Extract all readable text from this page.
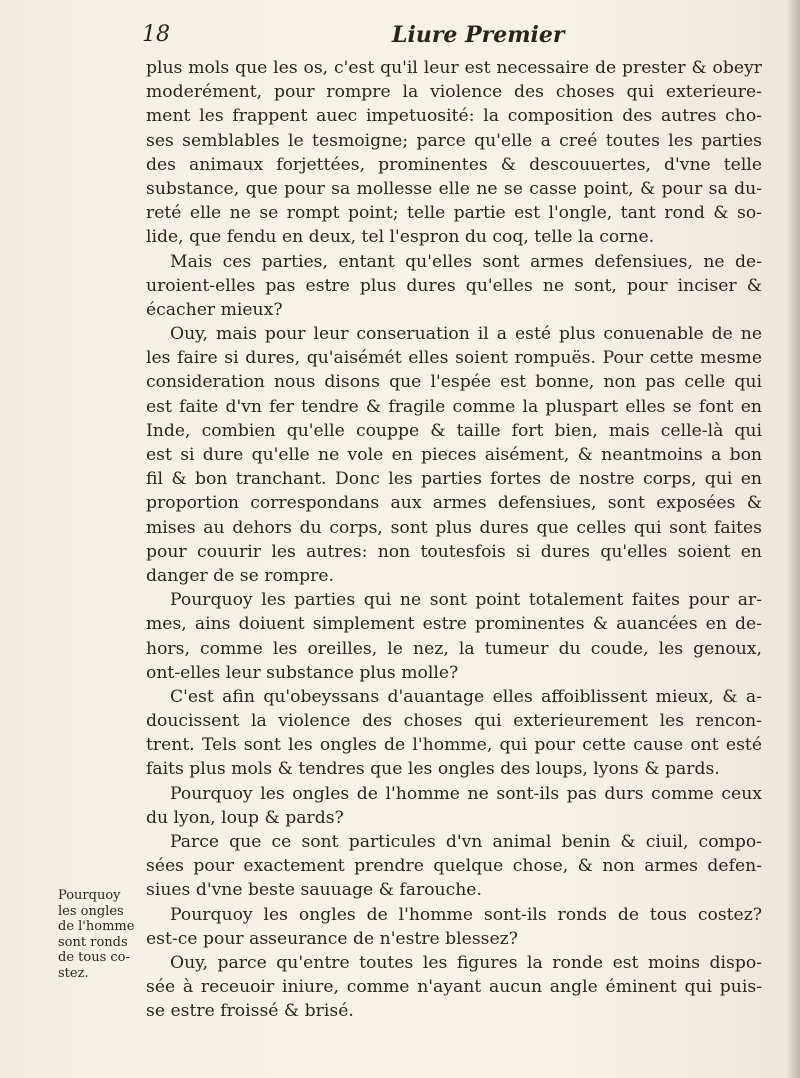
18	Liure Premier
plus mols que les os, c'est qu'il leur est necessaire de prester & obeyr
moderément, pour rompre la violence des choses qui exterieure-
ment les frappent auec impetuosité: la composition des autres cho-
ses semblables le tesmoigne; parce qu'elle a creé toutes les parties
des animaux forjettées, prominentes & descouuertes, d'vne telle
substance, que pour sa mollesse elle ne se casse point, & pour sa du-
reté elle ne se rompt point; telle partie est l'ongle, tant rond & so-
lide, que fendu en deux, tel l'espron du coq, telle la corne.
Mais ces parties, entant qu'elles sont armes defensiues, ne de-
uroient-elles pas estre plus dures qu'elles ne sont, pour inciser &
écacher mieux?
Ouy, mais pour leur conseruation il a esté plus conuenable de ne
les faire si dures, qu'aisémét elles soient rompuës. Pour cette mesme
consideration nous disons que l'espée est bonne, non pas celle qui
est faite d'vn fer tendre & fragile comme la pluspart elles se font en
Inde, combien qu'elle couppe & taille fort bien, mais celle-là qui
est si dure qu'elle ne vole en pieces aisément, & neantmoins a bon
fil & bon tranchant. Donc les parties fortes de nostre corps, qui en
proportion correspondans aux armes defensiues, sont exposées &
mises au dehors du corps, sont plus dures que celles qui sont faites
pour couurir les autres: non toutesfois si dures qu'elles soient en
danger de se rompre.
Pourquoy les parties qui ne sont point totalement faites pour ar-
mes, ains doiuent simplement estre prominentes & auancées en de-
hors, comme les oreilles, le nez, la tumeur du coude, les genoux,
ont-elles leur substance plus molle?
C'est afin qu'obeyssans d'auantage elles affoiblissent mieux, & a-
doucissent la violence des choses qui exterieurement les rencon-
trent. Tels sont les ongles de l'homme, qui pour cette cause ont esté
faits plus mols & tendres que les ongles des loups, lyons & pards.
Pourquoy les ongles de l'homme ne sont-ils pas durs comme ceux
du lyon, loup & pards?
Parce que ce sont particules d'vn animal benin & ciuil, compo-
sées pour exactement prendre quelque chose, & non armes defen-
siues d'vne beste sauuage & farouche.
Pourquoy les ongles de l'homme sont-ils ronds de tous costez?
est-ce pour asseurance de n'estre blessez?
Ouy, parce qu'entre toutes les figures la ronde est moins dispo-
sée à receuoir iniure, comme n'ayant aucun angle éminent qui puis-
se estre froissé & brisé.
Pourquoy
les ongles
de l'homme
sont ronds
de tous co-
stez.
